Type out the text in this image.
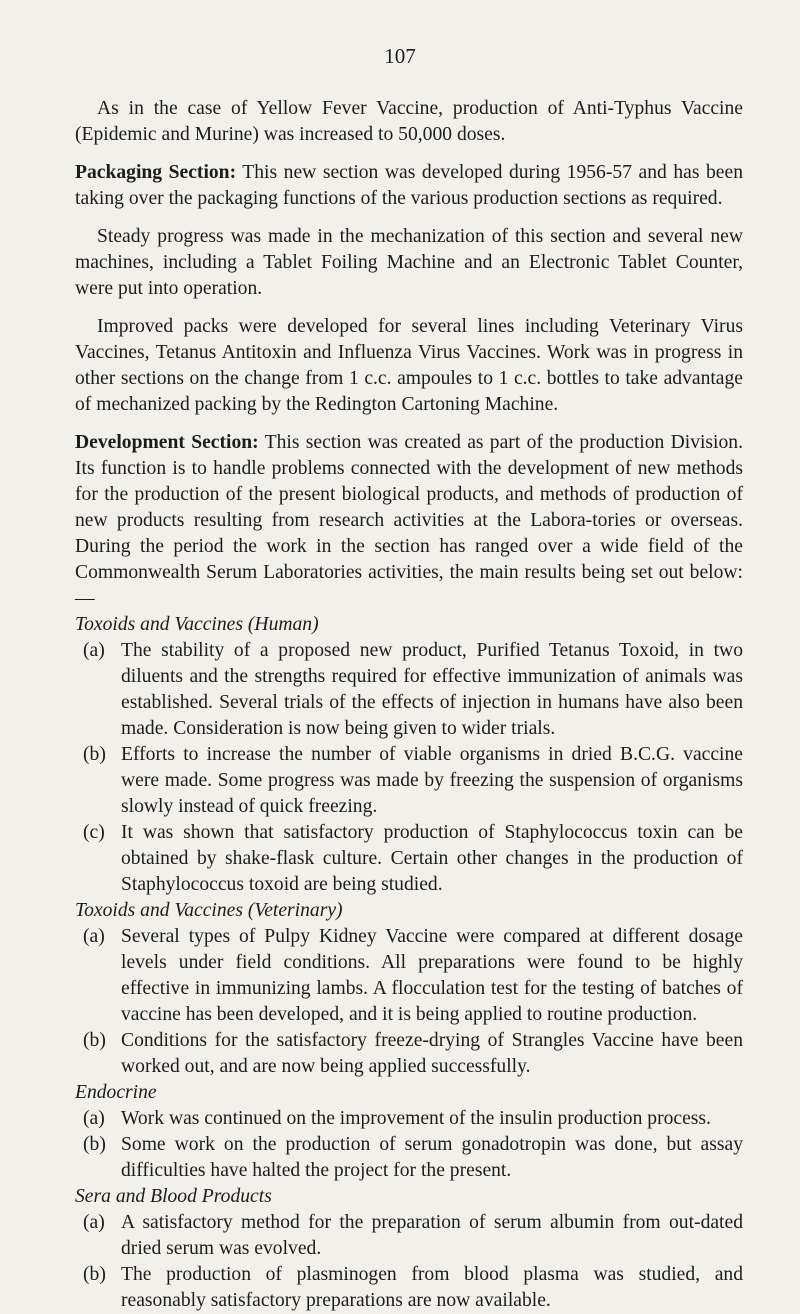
107

As in the case of Yellow Fever Vaccine, production of Anti-Typhus Vaccine (Epidemic and Murine) was increased to 50,000 doses.

Packaging Section: This new section was developed during 1956-57 and has been taking over the packaging functions of the various production sections as required.

Steady progress was made in the mechanization of this section and several new machines, including a Tablet Foiling Machine and an Electronic Tablet Counter, were put into operation.

Improved packs were developed for several lines including Veterinary Virus Vaccines, Tetanus Antitoxin and Influenza Virus Vaccines. Work was in progress in other sections on the change from 1 c.c. ampoules to 1 c.c. bottles to take advantage of mechanized packing by the Redington Cartoning Machine.

Development Section: This section was created as part of the production Division. Its function is to handle problems connected with the development of new methods for the production of the present biological products, and methods of production of new products resulting from research activities at the Labora-tories or overseas. During the period the work in the section has ranged over a wide field of the Commonwealth Serum Laboratories activities, the main results being set out below:—

Toxoids and Vaccines (Human)
(a) The stability of a proposed new product, Purified Tetanus Toxoid, in two diluents and the strengths required for effective immunization of animals was established. Several trials of the effects of injection in humans have also been made. Consideration is now being given to wider trials.
(b) Efforts to increase the number of viable organisms in dried B.C.G. vaccine were made. Some progress was made by freezing the suspension of organisms slowly instead of quick freezing.
(c) It was shown that satisfactory production of Staphylococcus toxin can be obtained by shake-flask culture. Certain other changes in the production of Staphylococcus toxoid are being studied.
Toxoids and Vaccines (Veterinary)
(a) Several types of Pulpy Kidney Vaccine were compared at different dosage levels under field conditions. All preparations were found to be highly effective in immunizing lambs. A flocculation test for the testing of batches of vaccine has been developed, and it is being applied to routine production.
(b) Conditions for the satisfactory freeze-drying of Strangles Vaccine have been worked out, and are now being applied successfully.
Endocrine
(a) Work was continued on the improvement of the insulin production process.
(b) Some work on the production of serum gonadotropin was done, but assay difficulties have halted the project for the present.
Sera and Blood Products
(a) A satisfactory method for the preparation of serum albumin from out-dated dried serum was evolved.
(b) The production of plasminogen from blood plasma was studied, and reasonably satisfactory preparations are now available.
